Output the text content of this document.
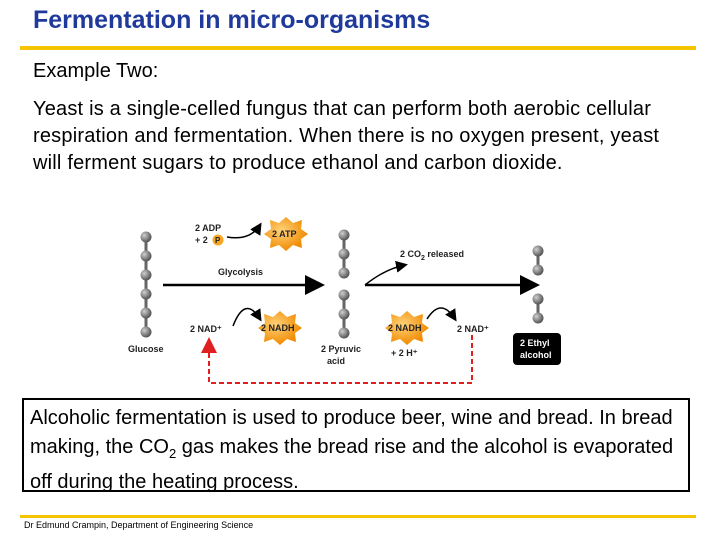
Fermentation in micro-organisms
Example Two:
Yeast is a single-celled fungus that can perform both aerobic cellular respiration and fermentation. When there is no oxygen present, yeast will ferment sugars to produce ethanol and carbon dioxide.
Glucose
2 ADP
+ 2 P
2 ATP
Glycolysis
2 NAD⁺	2 NADH
2 Pyruvic
acid
2 $CO_2$ released
2 NADH
+ 2 H⁺
2 NAD⁺
2 Ethyl
alcohol
Alcoholic fermentation is used to produce beer, wine and bread. In bread making, the $CO_2$ gas makes the bread rise and the alcohol is evaporated off during the heating process.
Dr Edmund Crampin, Department of Engineering Science
